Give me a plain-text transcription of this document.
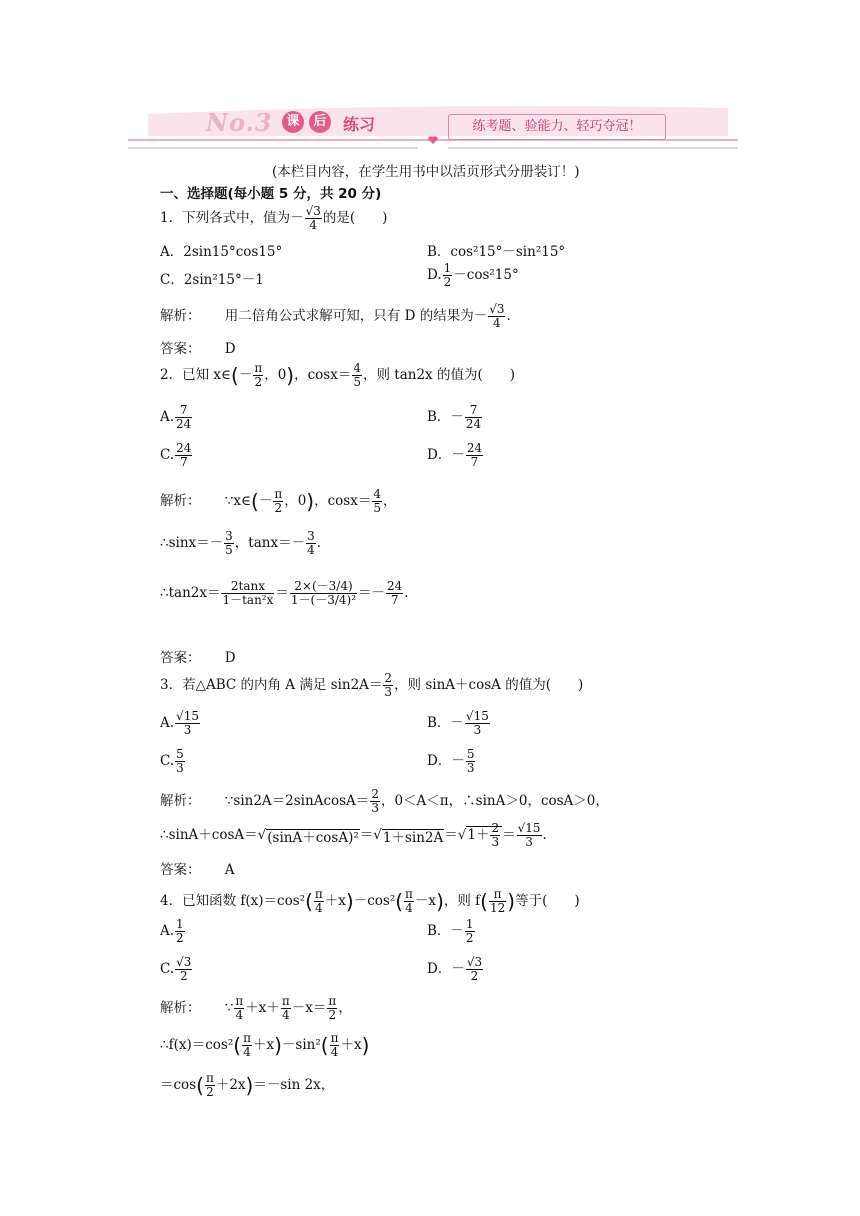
No.3	课	后 练习	练考题、验能力、轻巧夺冠！
(本栏目内容，在学生用书中以活页形式分册装订！)
一、选择题(每小题 5 分，共 20 分)
1．下列各式中，值为－ $\frac{√3}{4}$ 的是(　　)
A．2sin15°cos15°	B．cos²15°－sin²15°
C．2sin²15°－1	D. $\frac{1}{2} -\cos^215^\circ$
解析： 用二倍角公式求解可知，只有 D 的结果为－ $\frac{√3}{4}$ .
答案： D
2．已知 x∈(－ $\frac{\pi}{2}$ ，0)，$\cos x= \frac{4}{5}$ ，则 tan2x 的值为(　　)
A. $\frac{7}{24}$	B．－ $\frac{7}{24}$
C. $\frac{24}{7}$	D．－ $\frac{24}{7}$
解析： ∵x∈(－ $\frac{\pi}{2}$ ，0)，$\cos x= \frac{4}{5}$ ，
∴sinx＝－ $\frac{3}{5}$ ，$\tan x=- \frac{3}{4}$ .
∴tan2x＝ $\frac{2\tan x}{\text{1－tan²x}} = \frac{2\times(-3/4)}{\text{1－(－3/4)²}} =- \frac{24}{7}$ .
答案： D
3．若△ABC 的内角 A 满足 $\sin 2A= \frac{2}{3}$ ，则 sinA＋cosA 的值为(　　)
A. $\frac{√15}{3}$	B．－ $\frac{√15}{3}$
C. $\frac{5}{3}$	D．－ $\frac{5}{3}$
解析： ∵sin2A＝2sinAcosA＝ $\frac{2}{3}$ ，0＜A＜π，∴sinA＞0，cosA＞0，
∴sinA＋cosA＝√(sinA＋cosA)²＝√1＋sin2A＝√1＋ $\frac{2}{3} = \frac{√15}{3}$ .
答案： A
4．已知函数 $f(x)=\cos^2( \frac{\pi}{4} +x)-\cos^2( \frac{\pi}{4} -x)$，则 $f( \frac{\pi}{12}$ )等于(　　)
A. $\frac{1}{2}$	B．－ $\frac{1}{2}$
C. $\frac{√3}{2}$	D．－ $\frac{√3}{2}$
解析： ∵ $\frac{\pi}{4} +x+ \frac{\pi}{4} -x= \frac{\pi}{2}$ ，
∴f(x)＝cos²( $\frac{\pi}{4} +x)-\sin^2( \frac{\pi}{4} +x)$
$=\cos( \frac{\pi}{2} +2x)=-\sin$ 2x，
